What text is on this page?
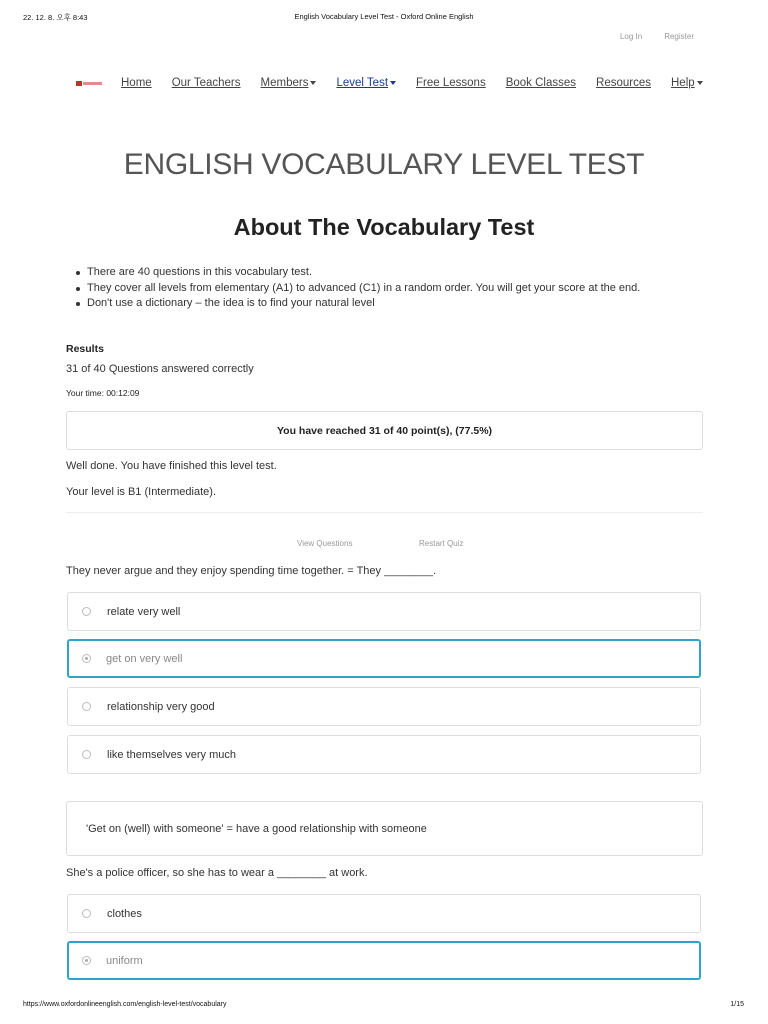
22. 12. 8. 오후 8:43	English Vocabulary Level Test - Oxford Online English
Log In	Register
Home Our Teachers Members Level Test Free Lessons Book Classes Resources Help
ENGLISH VOCABULARY LEVEL TEST
About The Vocabulary Test
There are 40 questions in this vocabulary test.
They cover all levels from elementary (A1) to advanced (C1) in a random order. You will get your score at the end.
Don't use a dictionary – the idea is to find your natural level
Results
31 of 40 Questions answered correctly
Your time: 00:12:09
You have reached 31 of 40 point(s), (77.5%)
Well done. You have finished this level test.
Your level is B1 (Intermediate).
View Questions	Restart Quiz
They never argue and they enjoy spending time together. = They ________.
relate very well
get on very well
relationship very good
like themselves very much
'Get on (well) with someone' = have a good relationship with someone
She's a police officer, so she has to wear a ________ at work.
clothes
uniform
https://www.oxfordonlineenglish.com/english-level-test/vocabulary	1/15
